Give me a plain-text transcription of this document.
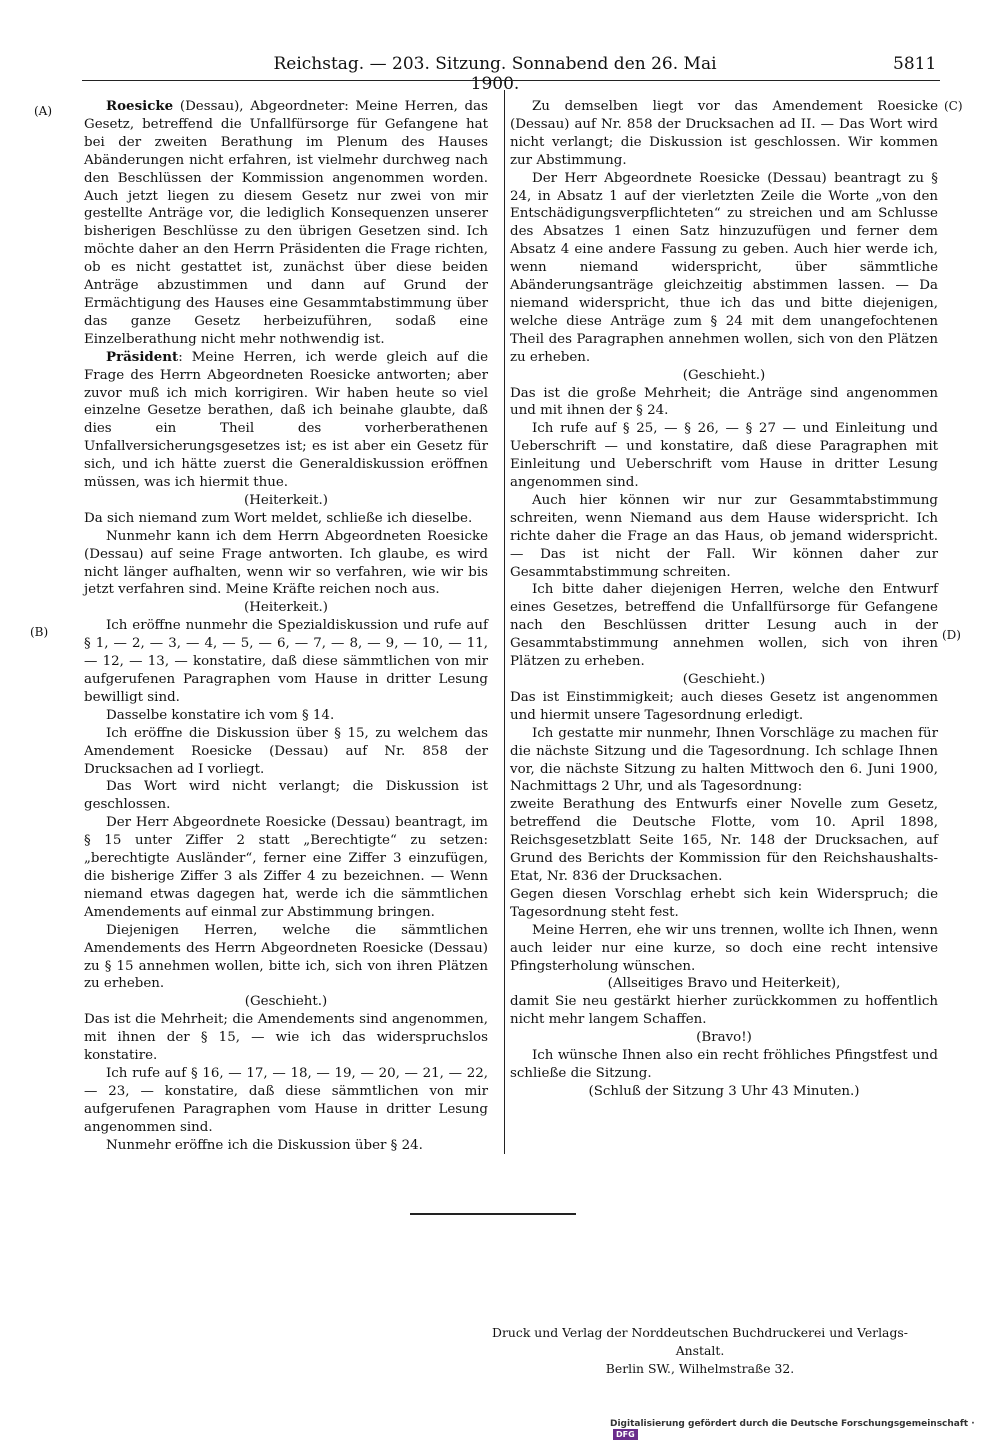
Reichstag. — 203. Sitzung. Sonnabend den 26. Mai 1900.
5811
(A)
(B)
(C)
(D)

Roesicke (Dessau), Abgeordneter: Meine Herren, das Gesetz, betreffend die Unfallfürsorge für Gefangene hat bei der zweiten Berathung im Plenum des Hauses Abänderungen nicht erfahren, ist vielmehr durchweg nach den Beschlüssen der Kommission angenommen worden. Auch jetzt liegen zu diesem Gesetz nur zwei von mir gestellte Anträge vor, die lediglich Konsequenzen unserer bisherigen Beschlüsse zu den übrigen Gesetzen sind. Ich möchte daher an den Herrn Präsidenten die Frage richten, ob es nicht gestattet ist, zunächst über diese beiden Anträge abzustimmen und dann auf Grund der Ermächtigung des Hauses eine Gesammtabstimmung über das ganze Gesetz herbeizuführen, sodaß eine Einzelberathung nicht mehr nothwendig ist.

Präsident: Meine Herren, ich werde gleich auf die Frage des Herrn Abgeordneten Roesicke antworten; aber zuvor muß ich mich korrigiren. Wir haben heute so viel einzelne Gesetze berathen, daß ich beinahe glaubte, daß dies ein Theil des vorherberathenen Unfallversicherungsgesetzes ist; es ist aber ein Gesetz für sich, und ich hätte zuerst die Generaldiskussion eröffnen müssen, was ich hiermit thue.

(Heiterkeit.)

Da sich niemand zum Wort meldet, schließe ich dieselbe.

Nunmehr kann ich dem Herrn Abgeordneten Roesicke (Dessau) auf seine Frage antworten. Ich glaube, es wird nicht länger aufhalten, wenn wir so verfahren, wie wir bis jetzt verfahren sind. Meine Kräfte reichen noch aus.

(Heiterkeit.)

Ich eröffne nunmehr die Spezialdiskussion und rufe auf § 1, — 2, — 3, — 4, — 5, — 6, — 7, — 8, — 9, — 10, — 11, — 12, — 13, — konstatire, daß diese sämmtlichen von mir aufgerufenen Paragraphen vom Hause in dritter Lesung bewilligt sind.

Dasselbe konstatire ich vom § 14.

Ich eröffne die Diskussion über § 15, zu welchem das Amendement Roesicke (Dessau) auf Nr. 858 der Drucksachen ad I vorliegt.

Das Wort wird nicht verlangt; die Diskussion ist geschlossen.

Der Herr Abgeordnete Roesicke (Dessau) beantragt, im § 15 unter Ziffer 2 statt „Berechtigte“ zu setzen: „berechtigte Ausländer“, ferner eine Ziffer 3 einzufügen, die bisherige Ziffer 3 als Ziffer 4 zu bezeichnen. — Wenn niemand etwas dagegen hat, werde ich die sämmtlichen Amendements auf einmal zur Abstimmung bringen.

Diejenigen Herren, welche die sämmtlichen Amendements des Herrn Abgeordneten Roesicke (Dessau) zu § 15 annehmen wollen, bitte ich, sich von ihren Plätzen zu erheben.

(Geschieht.)

Das ist die Mehrheit; die Amendements sind angenommen, mit ihnen der § 15, — wie ich das widerspruchslos konstatire.

Ich rufe auf § 16, — 17, — 18, — 19, — 20, — 21, — 22, — 23, — konstatire, daß diese sämmtlichen von mir aufgerufenen Paragraphen vom Hause in dritter Lesung angenommen sind.

Nunmehr eröffne ich die Diskussion über § 24.

Zu demselben liegt vor das Amendement Roesicke (Dessau) auf Nr. 858 der Drucksachen ad II. — Das Wort wird nicht verlangt; die Diskussion ist geschlossen. Wir kommen zur Abstimmung.

Der Herr Abgeordnete Roesicke (Dessau) beantragt zu § 24, in Absatz 1 auf der vierletzten Zeile die Worte „von den Entschädigungsverpflichteten“ zu streichen und am Schlusse des Absatzes 1 einen Satz hinzuzufügen und ferner dem Absatz 4 eine andere Fassung zu geben. Auch hier werde ich, wenn niemand widerspricht, über sämmtliche Abänderungsanträge gleichzeitig abstimmen lassen. — Da niemand widerspricht, thue ich das und bitte diejenigen, welche diese Anträge zum § 24 mit dem unangefochtenen Theil des Paragraphen annehmen wollen, sich von den Plätzen zu erheben.

(Geschieht.)

Das ist die große Mehrheit; die Anträge sind angenommen und mit ihnen der § 24.

Ich rufe auf § 25, — § 26, — § 27 — und Einleitung und Ueberschrift — und konstatire, daß diese Paragraphen mit Einleitung und Ueberschrift vom Hause in dritter Lesung angenommen sind.

Auch hier können wir nur zur Gesammtabstimmung schreiten, wenn Niemand aus dem Hause widerspricht. Ich richte daher die Frage an das Haus, ob jemand widerspricht. — Das ist nicht der Fall. Wir können daher zur Gesammtabstimmung schreiten.

Ich bitte daher diejenigen Herren, welche den Entwurf eines Gesetzes, betreffend die Unfallfürsorge für Gefangene nach den Beschlüssen dritter Lesung auch in der Gesammtabstimmung annehmen wollen, sich von ihren Plätzen zu erheben.

(Geschieht.)

Das ist Einstimmigkeit; auch dieses Gesetz ist angenommen und hiermit unsere Tagesordnung erledigt.

Ich gestatte mir nunmehr, Ihnen Vorschläge zu machen für die nächste Sitzung und die Tagesordnung. Ich schlage Ihnen vor, die nächste Sitzung zu halten Mittwoch den 6. Juni 1900, Nachmittags 2 Uhr, und als Tagesordnung:

zweite Berathung des Entwurfs einer Novelle zum Gesetz, betreffend die Deutsche Flotte, vom 10. April 1898, Reichsgesetzblatt Seite 165, Nr. 148 der Drucksachen, auf Grund des Berichts der Kommission für den Reichshaushalts-Etat, Nr. 836 der Drucksachen.

Gegen diesen Vorschlag erhebt sich kein Widerspruch; die Tagesordnung steht fest.

Meine Herren, ehe wir uns trennen, wollte ich Ihnen, wenn auch leider nur eine kurze, so doch eine recht intensive Pfingsterholung wünschen.

(Allseitiges Bravo und Heiterkeit),

damit Sie neu gestärkt hierher zurückkommen zu hoffentlich nicht mehr langem Schaffen.

(Bravo!)

Ich wünsche Ihnen also ein recht fröhliches Pfingstfest und schließe die Sitzung.

(Schluß der Sitzung 3 Uhr 43 Minuten.)

Druck und Verlag der Norddeutschen Buchdruckerei und Verlags-Anstalt.

Berlin SW., Wilhelmstraße 32.

Digitalisierung gefördert durch die Deutsche Forschungsgemeinschaft ·DFG
